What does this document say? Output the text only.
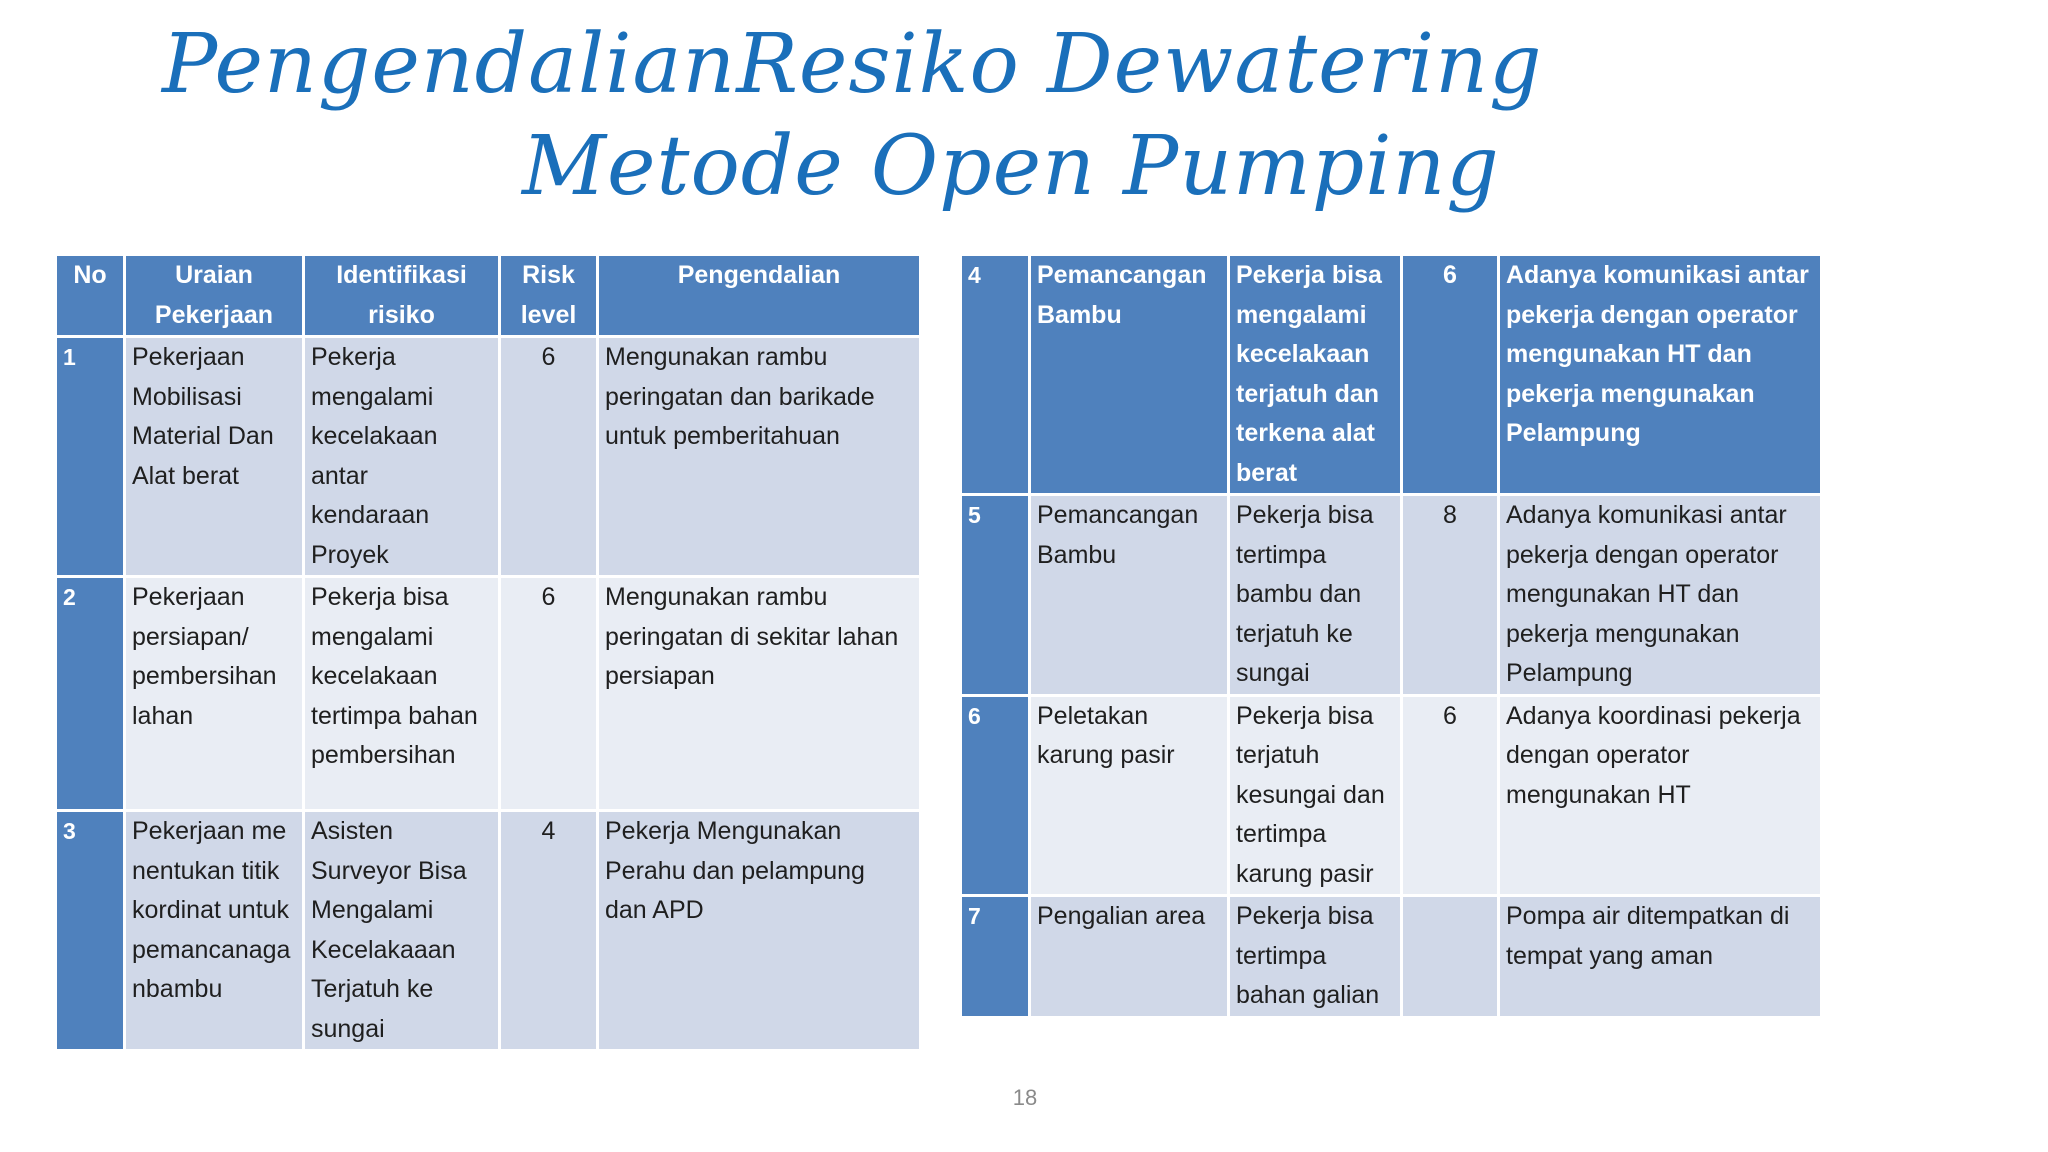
PengendalianResiko Dewatering
Metode Open Pumping
No	Uraian Pekerjaan	Identifikasi risiko	Risk level	Pengendalian
1	Pekerjaan Mobilisasi Material Dan Alat berat	Pekerja mengalami kecelakaan antar kendaraan Proyek	6	Mengunakan rambu peringatan dan barikade untuk pemberitahuan
2	Pekerjaan persiapan/ pembersihan lahan	Pekerja bisa mengalami kecelakaan tertimpa bahan pembersihan	6	Mengunakan rambu peringatan di sekitar lahan persiapan
3	Pekerjaan menentukan titik kordinat untuk pemancanaganbambu	Asisten Surveyor Bisa Mengalami Kecelakaaan Terjatuh ke sungai	4	Pekerja Mengunakan Perahu dan pelampung dan APD
4	Pemancangan Bambu	Pekerja bisa mengalami kecelakaan terjatuh dan terkena alat berat	6	Adanya komunikasi antar pekerja dengan operator mengunakan HT dan pekerja mengunakan Pelampung
5	Pemancangan Bambu	Pekerja bisa tertimpa bambu dan terjatuh ke sungai	8	Adanya komunikasi antar pekerja dengan operator mengunakan HT dan pekerja mengunakan Pelampung
6	Peletakan karung pasir	Pekerja bisa terjatuh kesungai dan tertimpa karung pasir	6	Adanya koordinasi pekerja dengan operator mengunakan HT
7	Pengalian area	Pekerja bisa tertimpa bahan galian		Pompa air ditempatkan di tempat yang aman
18
